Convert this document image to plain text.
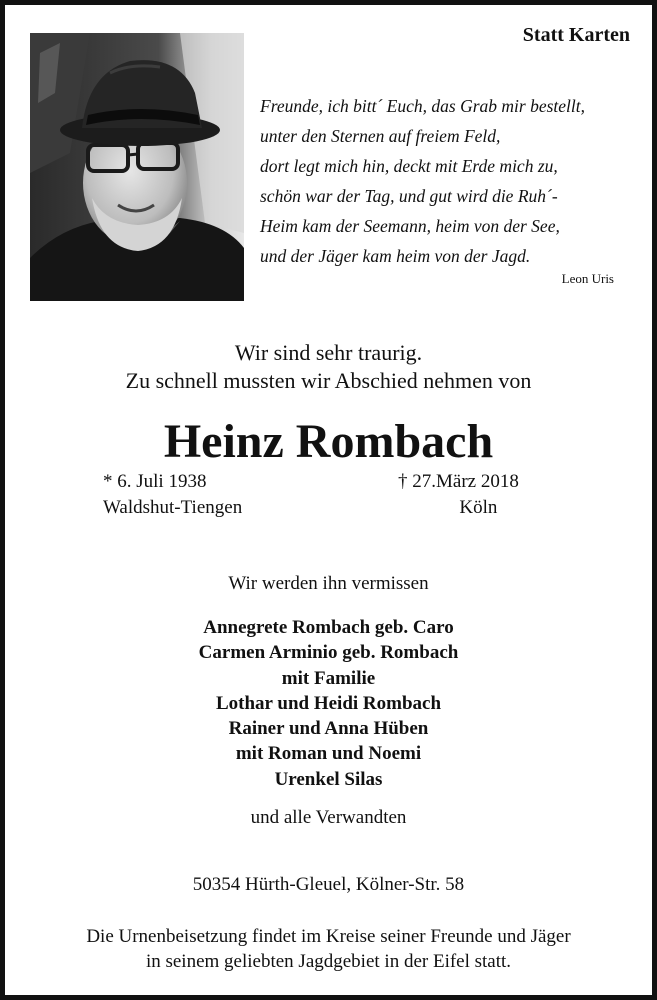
Statt Karten
Freunde, ich bitt´ Euch, das Grab mir bestellt,
unter den Sternen auf freiem Feld,
dort legt mich hin, deckt mit Erde mich zu,
schön war der Tag, und gut wird die Ruh´-
Heim kam der Seemann, heim von der See,
und der Jäger kam heim von der Jagd.
Leon Uris
Wir sind sehr traurig.
Zu schnell mussten wir Abschied nehmen von
Heinz Rombach
* 6. Juli 1938
Waldshut-Tiengen
† 27.März 2018
Köln
Wir werden ihn vermissen
Annegrete Rombach geb. Caro
Carmen Arminio geb. Rombach
mit Familie
Lothar und Heidi Rombach
Rainer und Anna Hüben
mit Roman und Noemi
Urenkel Silas
und alle Verwandten
50354 Hürth-Gleuel, Kölner-Str. 58
Die Urnenbeisetzung findet im Kreise seiner Freunde und Jäger
in seinem geliebten Jagdgebiet in der Eifel statt.
